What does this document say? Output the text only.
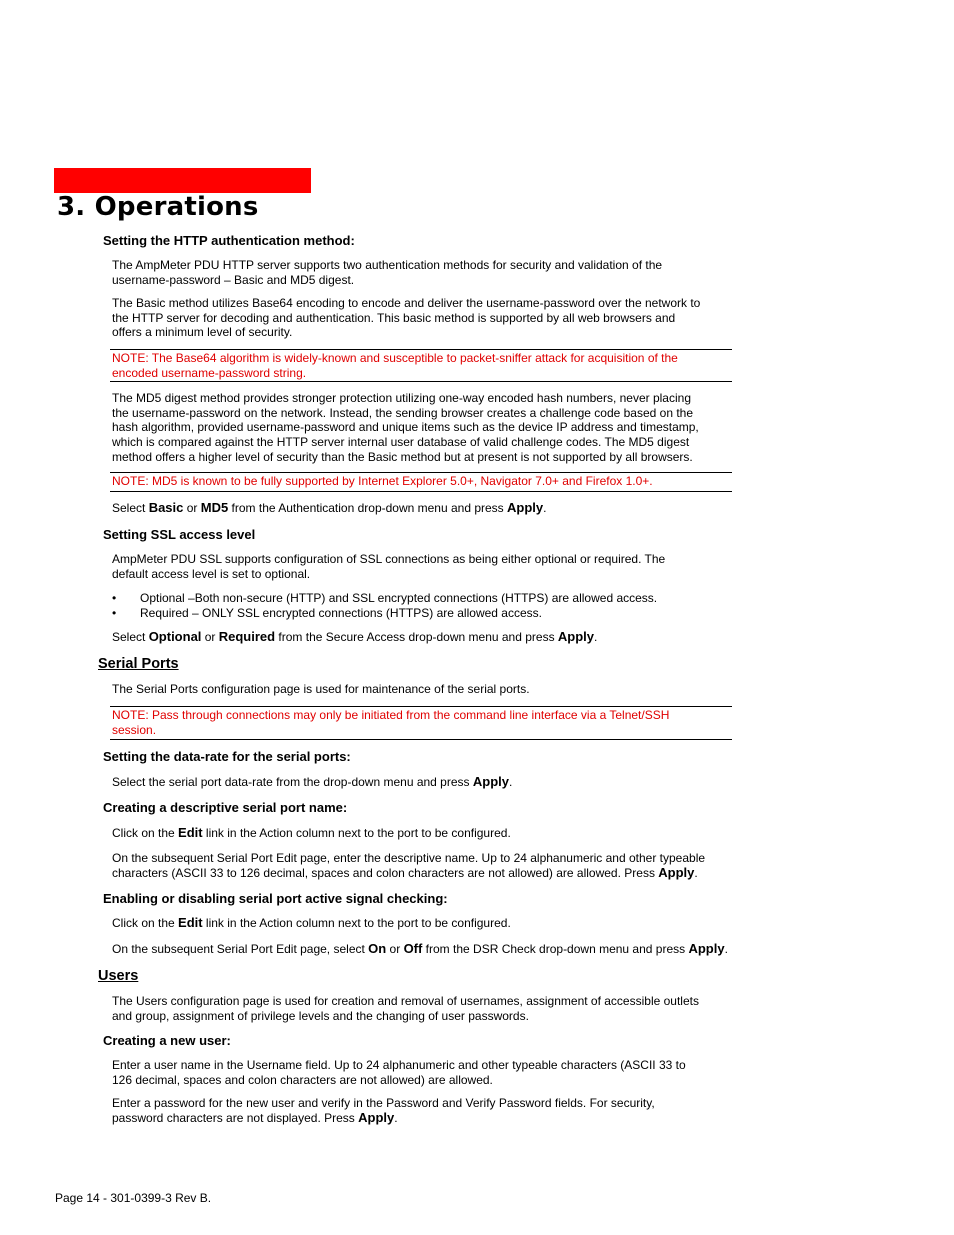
3. Operations
Setting the HTTP authentication method:
The AmpMeter PDU HTTP server supports two authentication methods for security and validation of the
username-password – Basic and MD5 digest.
The Basic method utilizes Base64 encoding to encode and deliver the username-password over the network to
the HTTP server for decoding and authentication. This basic method is supported by all web browsers and
offers a minimum level of security.
NOTE: The Base64 algorithm is widely-known and susceptible to packet-sniffer attack for acquisition of the
encoded username-password string.
The MD5 digest method provides stronger protection utilizing one-way encoded hash numbers, never placing
the username-password on the network. Instead, the sending browser creates a challenge code based on the
hash algorithm, provided username-password and unique items such as the device IP address and timestamp,
which is compared against the HTTP server internal user database of valid challenge codes. The MD5 digest
method offers a higher level of security than the Basic method but at present is not supported by all browsers.
NOTE: MD5 is known to be fully supported by Internet Explorer 5.0+, Navigator 7.0+ and Firefox 1.0+.
Select Basic or MD5 from the Authentication drop-down menu and press Apply.
Setting SSL access level
AmpMeter PDU SSL supports configuration of SSL connections as being either optional or required. The
default access level is set to optional.
• Optional –Both non-secure (HTTP) and SSL encrypted connections (HTTPS) are allowed access.
• Required – ONLY SSL encrypted connections (HTTPS) are allowed access.
Select Optional or Required from the Secure Access drop-down menu and press Apply.
Serial Ports
The Serial Ports configuration page is used for maintenance of the serial ports.
NOTE: Pass through connections may only be initiated from the command line interface via a Telnet/SSH
session.
Setting the data-rate for the serial ports:
Select the serial port data-rate from the drop-down menu and press Apply.
Creating a descriptive serial port name:
Click on the Edit link in the Action column next to the port to be configured.
On the subsequent Serial Port Edit page, enter the descriptive name. Up to 24 alphanumeric and other typeable
characters (ASCII 33 to 126 decimal, spaces and colon characters are not allowed) are allowed. Press Apply.
Enabling or disabling serial port active signal checking:
Click on the Edit link in the Action column next to the port to be configured.
On the subsequent Serial Port Edit page, select On or Off from the DSR Check drop-down menu and press Apply.
Users
The Users configuration page is used for creation and removal of usernames, assignment of accessible outlets
and group, assignment of privilege levels and the changing of user passwords.
Creating a new user:
Enter a user name in the Username field. Up to 24 alphanumeric and other typeable characters (ASCII 33 to
126 decimal, spaces and colon characters are not allowed) are allowed.
Enter a password for the new user and verify in the Password and Verify Password fields. For security,
password characters are not displayed. Press Apply.
Page 14 - 301-0399-3 Rev B.
